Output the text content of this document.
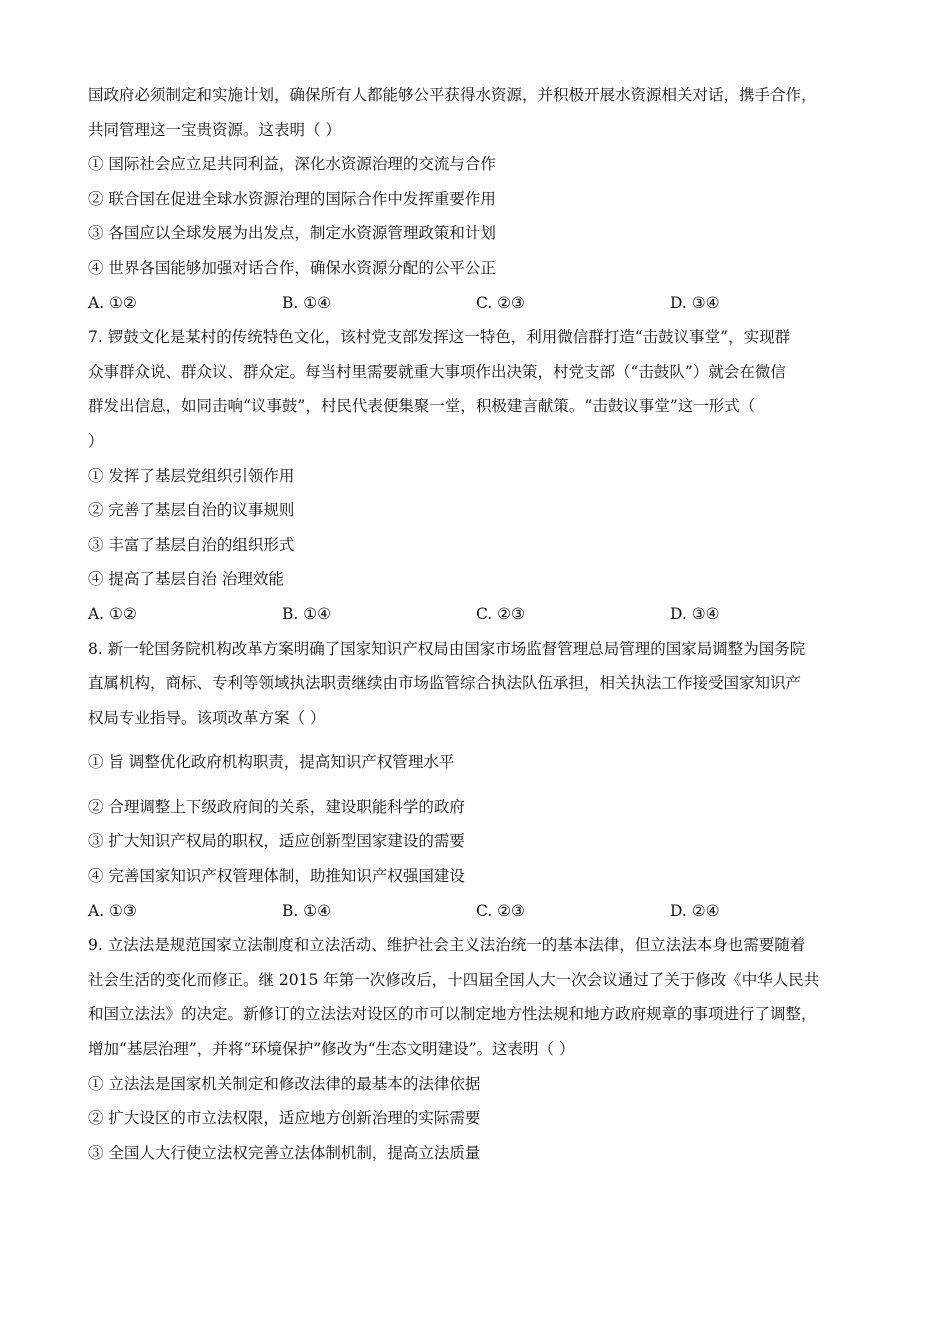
国政府必须制定和实施计划，确保所有人都能够公平获得水资源，并积极开展水资源相关对话，携手合作，
共同管理这一宝贵资源。这表明（ ）
① 国际社会应立足共同利益，深化水资源治理的交流与合作
② 联合国在促进全球水资源治理的国际合作中发挥重要作用
③ 各国应以全球发展为出发点，制定水资源管理政策和计划
④ 世界各国能够加强对话合作，确保水资源分配的公平公正
A. ①②	B. ①④	C. ②③	D. ③④
7. 锣鼓文化是某村的传统特色文化，该村党支部发挥这一特色，利用微信群打造“击鼓议事堂”，实现群
众事群众说、群众议、群众定。每当村里需要就重大事项作出决策，村党支部（“击鼓队”）就会在微信
群发出信息，如同击响“议事鼓”，村民代表便集聚一堂，积极建言献策。“击鼓议事堂”这一形式（
）
① 发挥了基层党组织引领作用
② 完善了基层自治的议事规则
③ 丰富了基层自治的组织形式
④ 提高了基层自治 治理效能
A. ①②	B. ①④	C. ②③	D. ③④
8. 新一轮国务院机构改革方案明确了国家知识产权局由国家市场监督管理总局管理的国家局调整为国务院
直属机构，商标、专利等领域执法职责继续由市场监管综合执法队伍承担，相关执法工作接受国家知识产
权局专业指导。该项改革方案（ ）
① 旨 调整优化政府机构职责，提高知识产权管理水平
② 合理调整上下级政府间的关系，建设职能科学的政府
③ 扩大知识产权局的职权，适应创新型国家建设的需要
④ 完善国家知识产权管理体制，助推知识产权强国建设
A. ①③	B. ①④	C. ②③	D. ②④
9. 立法法是规范国家立法制度和立法活动、维护社会主义法治统一的基本法律，但立法法本身也需要随着
社会生活的变化而修正。继 2015 年第一次修改后，十四届全国人大一次会议通过了关于修改《中华人民共
和国立法法》的决定。新修订的立法法对设区的市可以制定地方性法规和地方政府规章的事项进行了调整，
增加“基层治理”，并将“环境保护”修改为“生态文明建设”。这表明（ ）
① 立法法是国家机关制定和修改法律的最基本的法律依据
② 扩大设区的市立法权限，适应地方创新治理的实际需要
③ 全国人大行使立法权完善立法体制机制，提高立法质量
